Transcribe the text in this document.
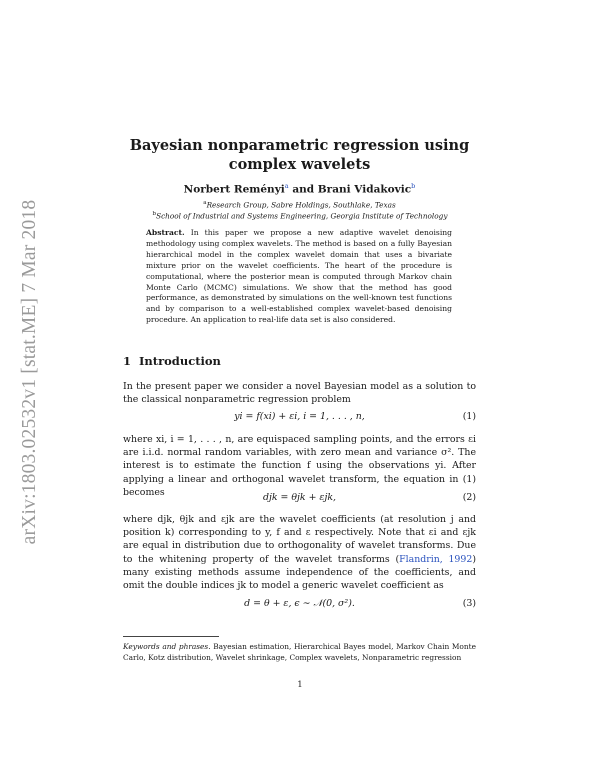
arXiv:1803.02532v1 [stat.ME] 7 Mar 2018
Bayesian nonparametric regression using complex wavelets
Norbert Reményi$^a$ and Brani Vidakovic$^b$
$^a$Research Group, Sabre Holdings, Southlake, Texas
$^b$School of Industrial and Systems Engineering, Georgia Institute of Technology
Abstract. In this paper we propose a new adaptive wavelet denoising methodology using complex wavelets. The method is based on a fully Bayesian hierarchical model in the complex wavelet domain that uses a bivariate mixture prior on the wavelet coefficients. The heart of the procedure is computational, where the posterior mean is computed through Markov chain Monte Carlo (MCMC) simulations. We show that the method has good performance, as demonstrated by simulations on the well-known test functions and by comparison to a well-established complex wavelet-based denoising procedure. An application to real-life data set is also considered.
1 Introduction

In the present paper we consider a novel Bayesian model as a solution to the classical nonparametric regression problem

yi = f(xi) + εi, i = 1, . . . , n,	(1)

where xi, i = 1, . . . , n, are equispaced sampling points, and the errors εi are i.i.d. normal random variables, with zero mean and variance σ². The interest is to estimate the function f using the observations yi. After applying a linear and orthogonal wavelet transform, the equation in (1) becomes	djk = θjk + εjk,	(2)

where djk, θjk and εjk are the wavelet coefficients (at resolution j and position k) corresponding to y, f and ε respectively. Note that εi and εjk are equal in distribution due to orthogonality of wavelet transforms. Due to the whitening property of the wavelet transforms (Flandrin, 1992) many existing methods assume independence of the coefficients, and omit the double indices jk to model a generic wavelet coefficient as

d = θ + ε, ϵ ∼ 𝒩(0, σ²).	(3)
Keywords and phrases. Bayesian estimation, Hierarchical Bayes model, Markov Chain Monte Carlo, Kotz distribution, Wavelet shrinkage, Complex wavelets, Nonparametric regression
1
